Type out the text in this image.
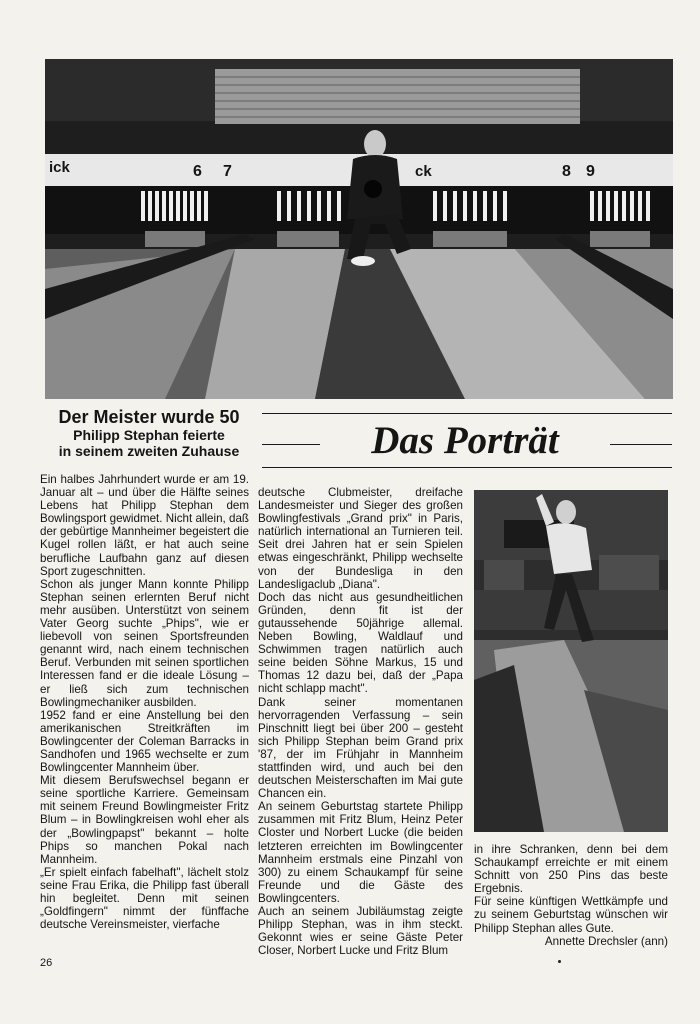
ick	6 7	ck	8 9
Der Meister wurde 50
Philipp Stephan feierte
in seinem zweiten Zuhause	Das Porträt

Ein halbes Jahrhundert wurde er am 19. Januar alt – und über die Hälfte seines Lebens hat Philipp Stephan dem Bowlingsport gewidmet. Nicht allein, daß der gebürtige Mannheimer begeistert die Kugel rollen läßt, er hat auch seine berufliche Laufbahn ganz auf diesen Sport zugeschnitten.

Schon als junger Mann konnte Philipp Stephan seinen erlernten Beruf nicht mehr ausüben. Unterstützt von seinem Vater Georg suchte „Phips", wie er liebevoll von seinen Sportsfreunden genannt wird, nach einem technischen Beruf. Verbunden mit seinen sportlichen Interessen fand er die ideale Lösung – er ließ sich zum technischen Bowlingmechaniker ausbilden.

1952 fand er eine Anstellung bei den amerikanischen Streitkräften im Bowlingcenter der Coleman Barracks in Sandhofen und 1965 wechselte er zum Bowlingcenter Mannheim über.

Mit diesem Berufswechsel begann er seine sportliche Karriere. Gemeinsam mit seinem Freund Bowlingmeister Fritz Blum – in Bowlingkreisen wohl eher als der „Bowlingpapst" bekannt – holte Phips so manchen Pokal nach Mannheim.

„Er spielt einfach fabelhaft", lächelt stolz seine Frau Erika, die Philipp fast überall hin begleitet. Denn mit seinen „Goldfingern" nimmt der fünffache deutsche Vereinsmeister, vierfache

deutsche Clubmeister, dreifache Landesmeister und Sieger des großen Bowlingfestivals „Grand prix" in Paris, natürlich international an Turnieren teil. Seit drei Jahren hat er sein Spielen etwas eingeschränkt, Philipp wechselte von der Bundesliga in den Landesligaclub „Diana".

Doch das nicht aus gesundheitlichen Gründen, denn fit ist der gutaussehende 50jährige allemal. Neben Bowling, Waldlauf und Schwimmen tragen natürlich auch seine beiden Söhne Markus, 15 und Thomas 12 dazu bei, daß der „Papa nicht schlapp macht".

Dank seiner momentanen hervorragenden Verfassung – sein Pinschnitt liegt bei über 200 – gesteht sich Philipp Stephan beim Grand prix '87, der im Frühjahr in Mannheim stattfinden wird, und auch bei den deutschen Meisterschaften im Mai gute Chancen ein.

An seinem Geburtstag startete Philipp zusammen mit Fritz Blum, Heinz Peter Closter und Norbert Lucke (die beiden letzteren erreichten im Bowlingcenter Mannheim erstmals eine Pinzahl von 300) zu einem Schaukampf für seine Freunde und die Gäste des Bowlingcenters.

Auch an seinem Jubiläumstag zeigte Philipp Stephan, was in ihm steckt. Gekonnt wies er seine Gäste Peter Closer, Norbert Lucke und Fritz Blum

in ihre Schranken, denn bei dem Schaukampf erreichte er mit einem Schnitt von 250 Pins das beste Ergebnis.

Für seine künftigen Wettkämpfe und zu seinem Geburtstag wünschen wir Philipp Stephan alles Gute.

Annette Drechsler (ann)
26
